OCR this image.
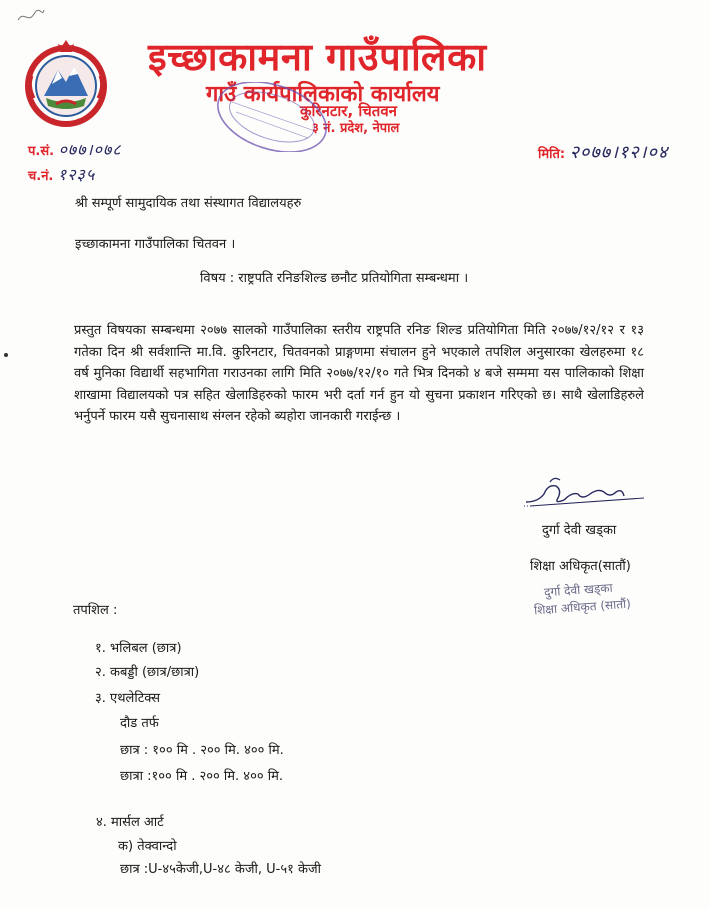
इच्छाकामना गाउँपालिका
गाउँ कार्यपालिकाको कार्यालय
कुरिनटार, चितवन
३ नं. प्रदेश, नेपाल
प.सं. ०७७।०७८
च.नं. १२३५
मिति: २०७७।१२।०४
श्री सम्पूर्ण सामुदायिक तथा संस्थागत विद्यालयहरु
इच्छाकामना गाउँपालिका चितवन ।
विषय : राष्ट्रपति रनिङशिल्ड छनौट प्रतियोगिता सम्बन्धमा ।
प्रस्तुत विषयका सम्बन्धमा २०७७ सालको गाउँपालिका स्तरीय राष्ट्रपति रनिङ शिल्ड प्रतियोगिता मिति २०७७/१२/१२ र १३ गतेका दिन श्री सर्वशान्ति मा.वि. कुरिनटार, चितवनको प्राङ्गणमा संचालन हुने भएकाले तपशिल अनुसारका खेलहरुमा १८ वर्ष मुनिका विद्यार्थी सहभागिता गराउनका लागि मिति २०७७/१२/१० गते भित्र दिनको ४ बजे सम्ममा यस पालिकाको शिक्षा शाखामा विद्यालयको पत्र सहित खेलाडिहरुको फारम भरी दर्ता गर्न हुन यो सुचना प्रकाशन गरिएको छ। साथै खेलाडिहरुले भर्नुपर्ने फारम यसै सुचनासाथ संग्लन रहेको ब्यहोरा जानकारी गराईन्छ ।
दुर्गा देवी खड्का
शिक्षा अधिकृत(सातौं)
दुर्गा देवी खड्का
शिक्षा अधिकृत (सातौं)
तपशिल :
१. भलिबल (छात्र)
२. कबड्डी (छात्र/छात्रा)
३. एथलेटिक्स
दौड तर्फ
छात्र : १०० मि . २०० मि. ४०० मि.
छात्रा :१०० मि . २०० मि. ४०० मि.
४. मार्सल आर्ट
क) तेक्वान्दो
छात्र :U-४५केजी,U-४८ केजी, U-५१ केजी
